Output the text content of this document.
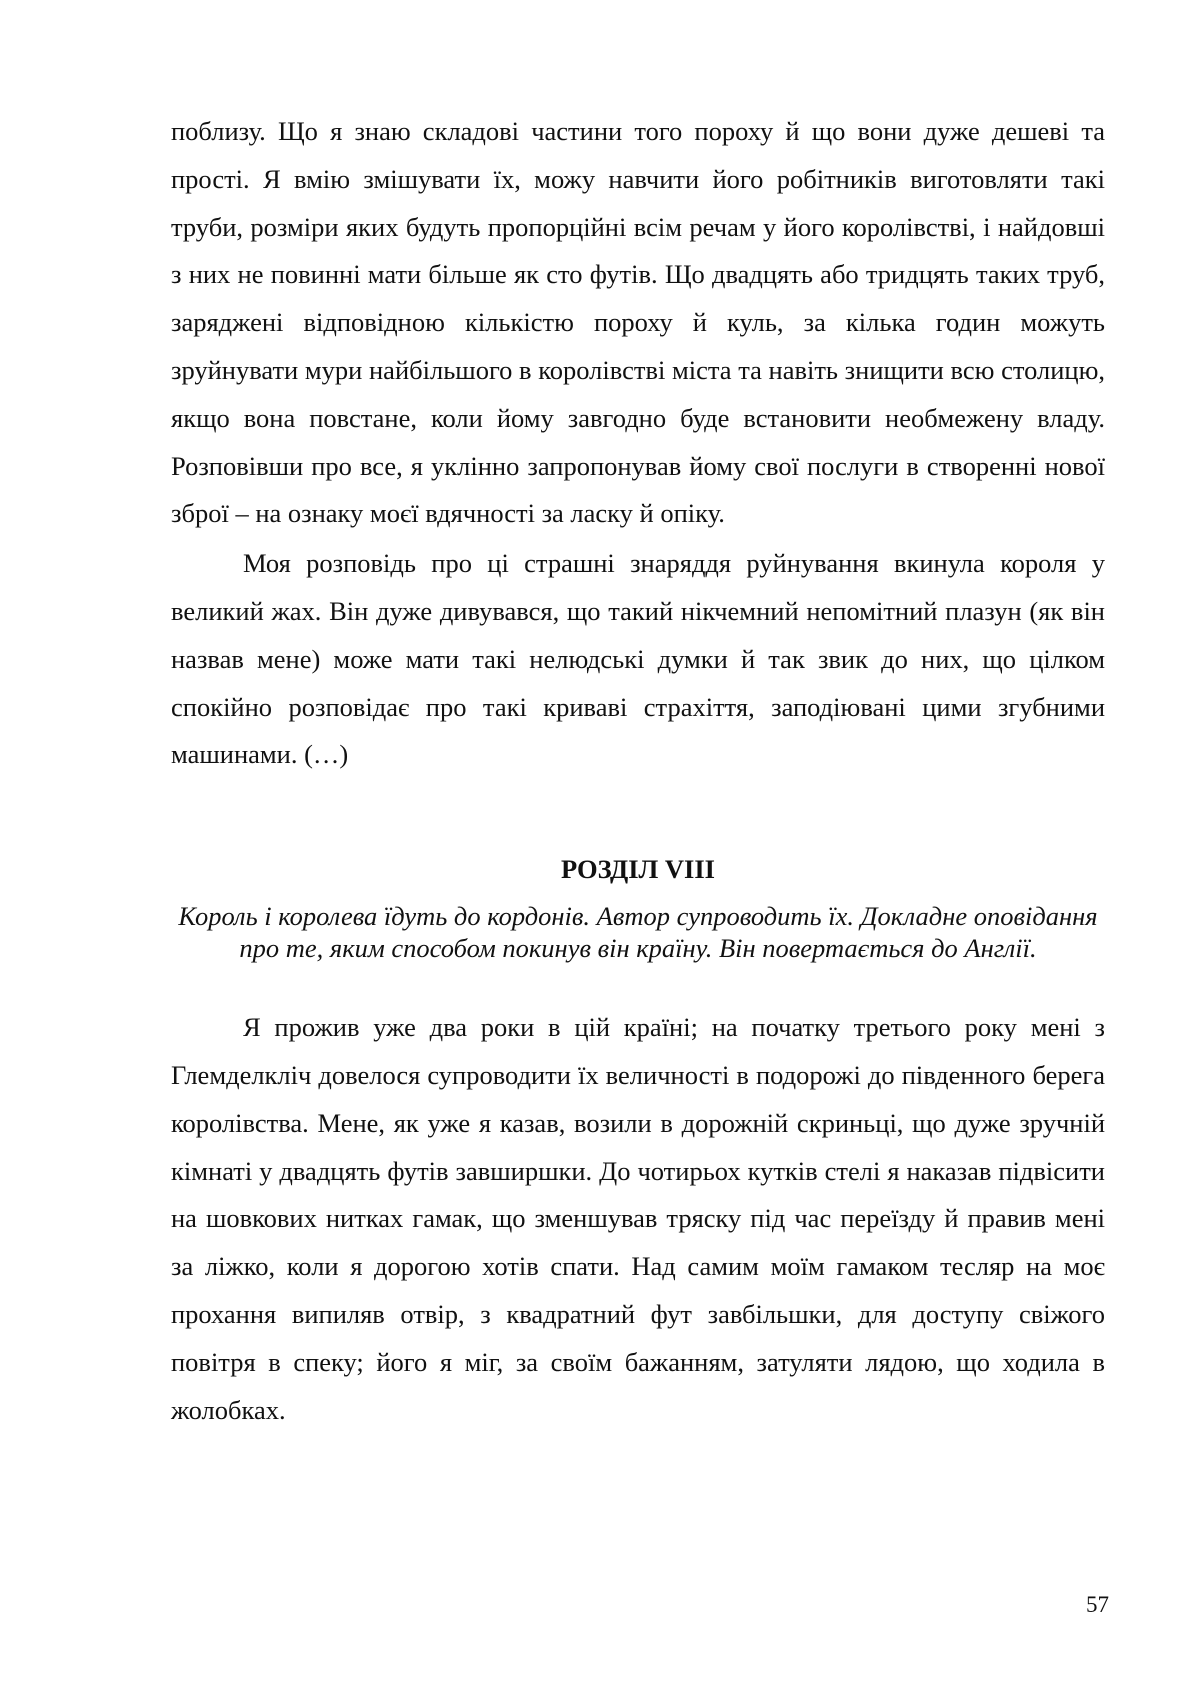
поблизу. Що я знаю складові частини того пороху й що вони дуже дешеві та прості. Я вмію змішувати їх, можу навчити його робітників виготовляти такі труби, розміри яких будуть пропорційні всім речам у його королівстві, і найдовші з них не повинні мати більше як сто футів. Що двадцять або тридцять таких труб, заряджені відповідною кількістю пороху й куль, за кілька годин можуть зруйнувати мури найбільшого в королівстві міста та навіть знищити всю столицю, якщо вона повстане, коли йому завгодно буде встановити необмежену владу. Розповівши про все, я уклінно запропонував йому свої послуги в створенні нової зброї – на ознаку моєї вдячності за ласку й опіку.

Моя розповідь про ці страшні знаряддя руйнування вкинула короля у великий жах. Він дуже дивувався, що такий нікчемний непомітний плазун (як він назвав мене) може мати такі нелюдські думки й так звик до них, що цілком спокійно розповідає про такі криваві страхіття, заподіювані цими згубними машинами. (…)

РОЗДІЛ VIII

Король і королева їдуть до кордонів. Автор супроводить їх. Докладне оповідання про те, яким способом покинув він країну. Він повертається до Англії.

Я прожив уже два роки в цій країні; на початку третього року мені з Глемделкліч довелося супроводити їх величності в подорожі до південного берега королівства. Мене, як уже я казав, возили в дорожній скриньці, що дуже зручній кімнаті у двадцять футів завширшки. До чотирьох кутків стелі я наказав підвісити на шовкових нитках гамак, що зменшував тряску під час переїзду й правив мені за ліжко, коли я дорогою хотів спати. Над самим моїм гамаком тесляр на моє прохання випиляв отвір, з квадратний фут завбільшки, для доступу свіжого повітря в спеку; його я міг, за своїм бажанням, затуляти лядою, що ходила в жолобках.

57
